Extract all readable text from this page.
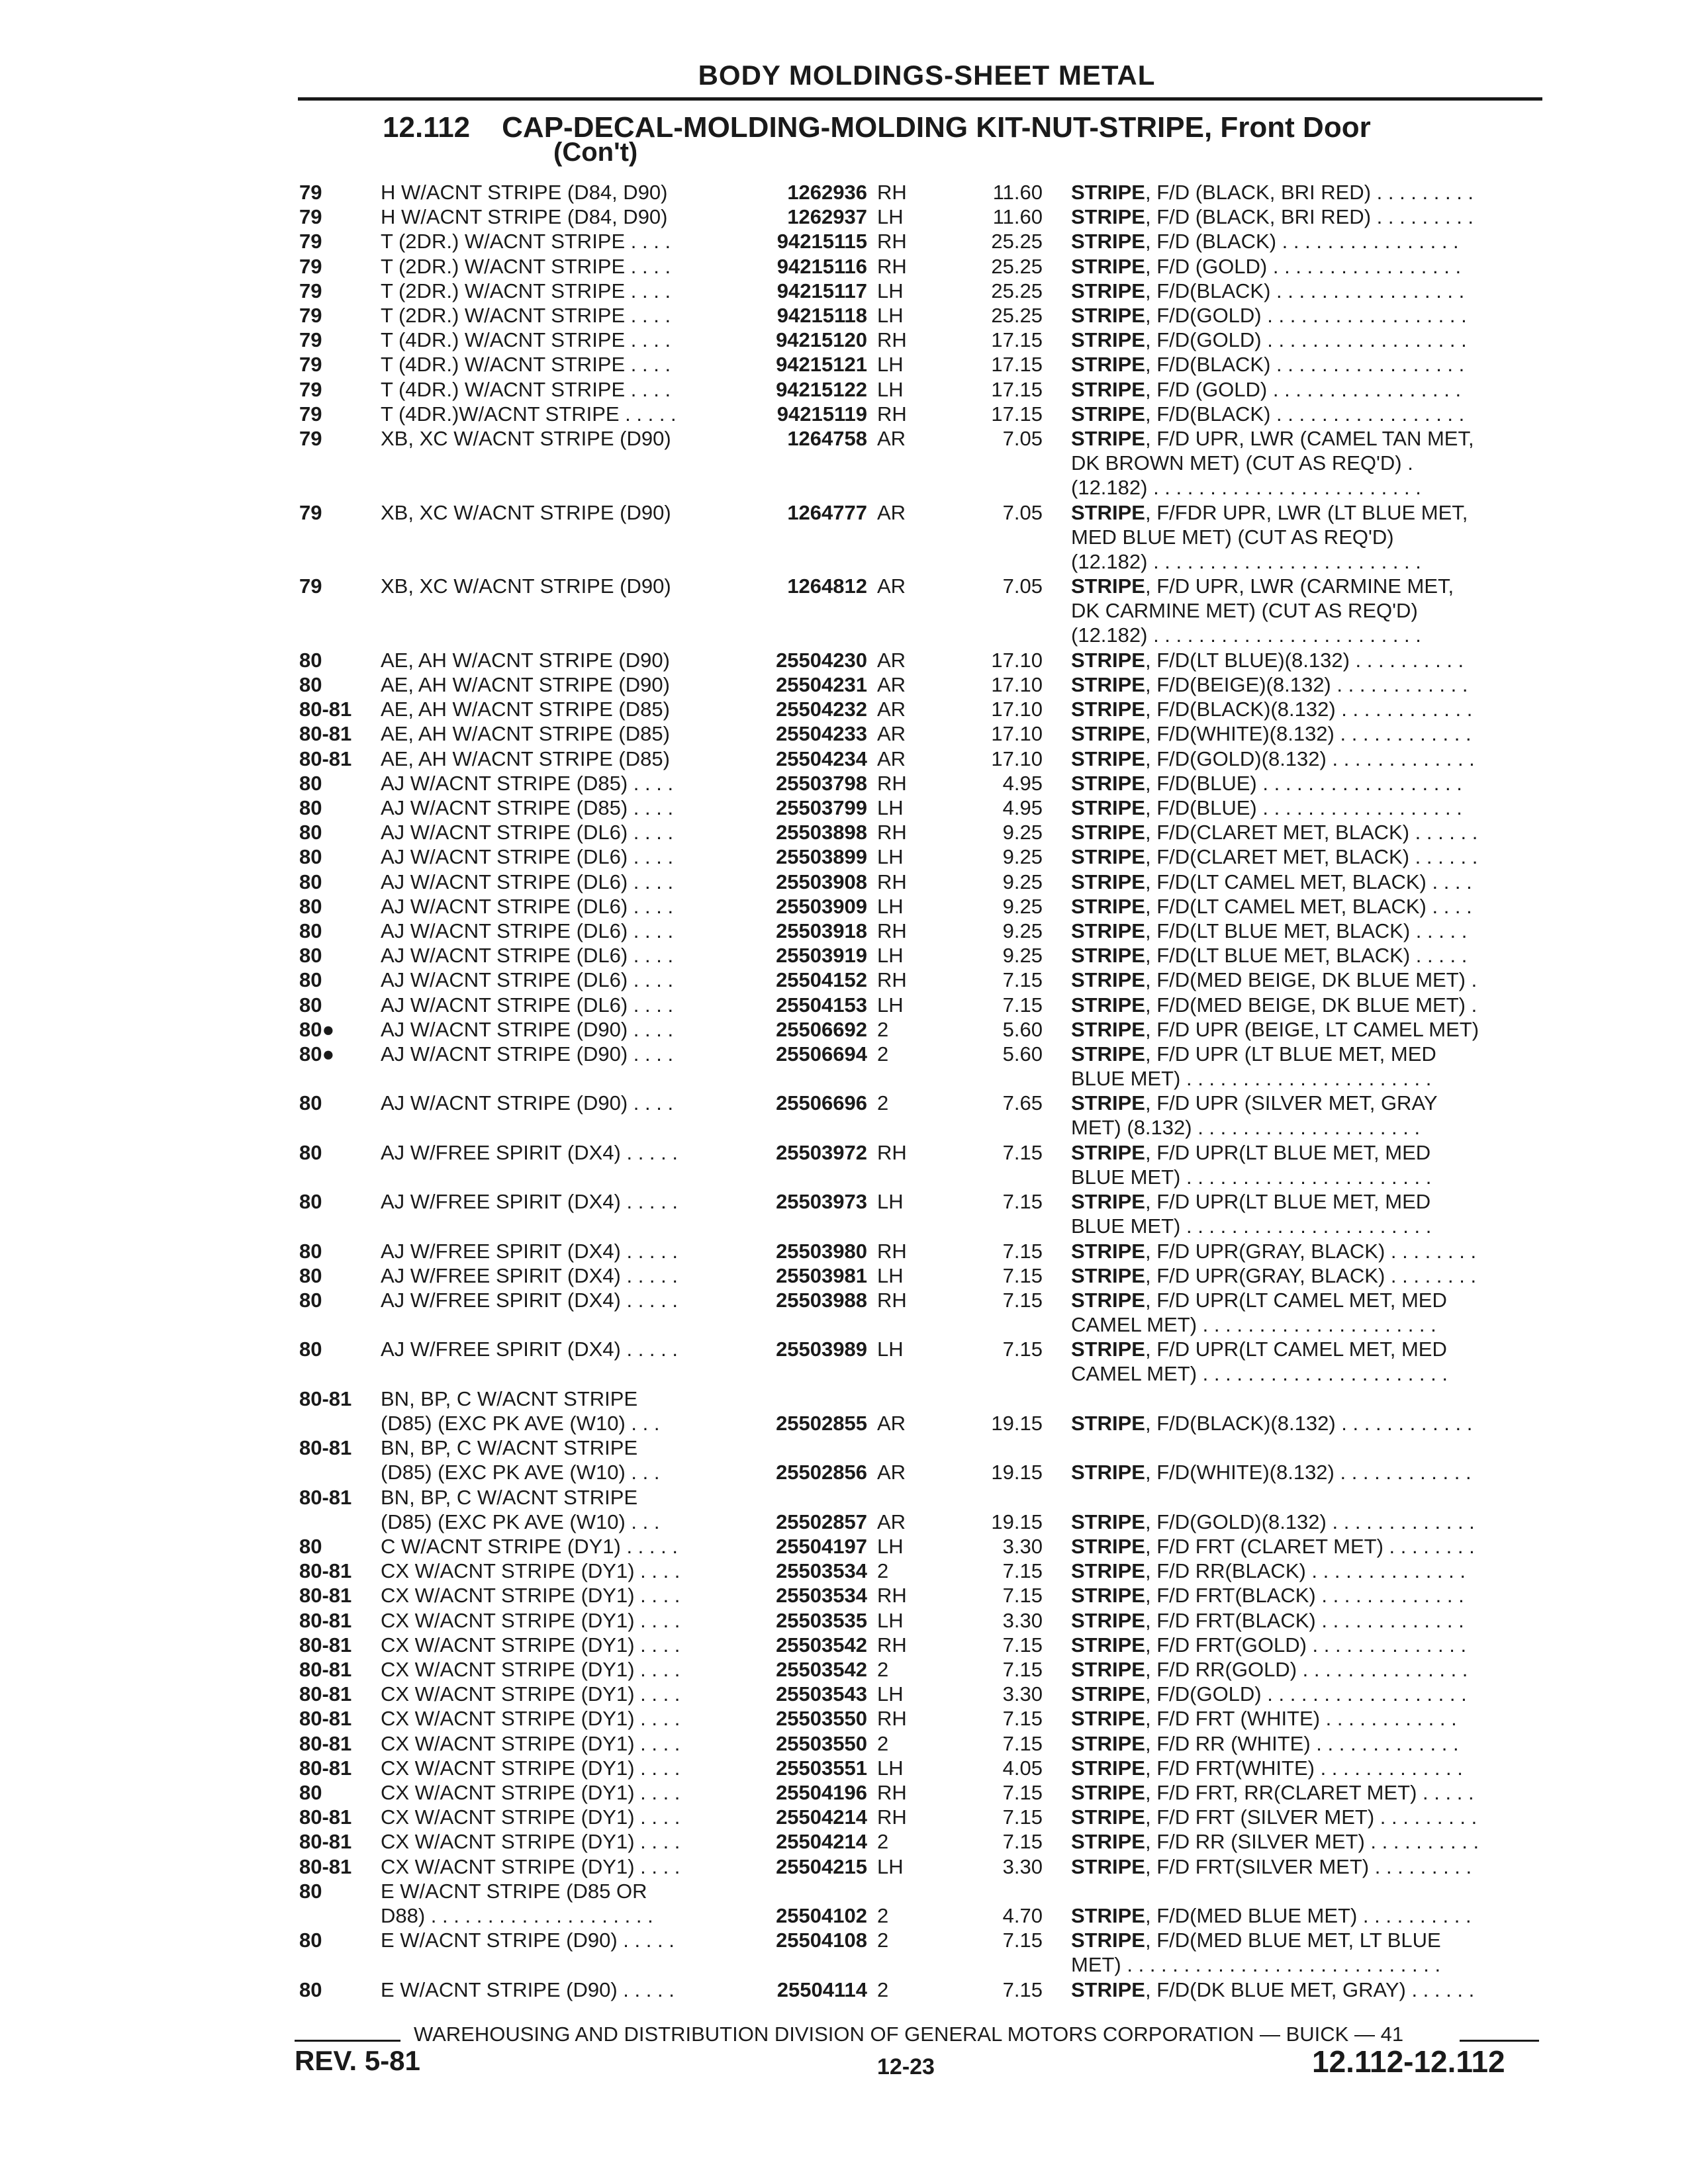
BODY MOLDINGS-SHEET METAL
12.112 CAP-DECAL-MOLDING-MOLDING KIT-NUT-STRIPE, Front Door
(Con't)
79	H W/ACNT STRIPE (D84, D90)	1262936 RH	11.60 STRIPE, F/D (BLACK, BRI RED) . . . . . . . . .
79	H W/ACNT STRIPE (D84, D90)	1262937 LH	11.60 STRIPE, F/D (BLACK, BRI RED) . . . . . . . . .
79	T (2DR.) W/ACNT STRIPE . . . .	94215115 RH	25.25 STRIPE, F/D (BLACK) . . . . . . . . . . . . . . . .
79	T (2DR.) W/ACNT STRIPE . . . .	94215116 RH	25.25 STRIPE, F/D (GOLD) . . . . . . . . . . . . . . . . .
79	T (2DR.) W/ACNT STRIPE . . . .	94215117 LH	25.25 STRIPE, F/D(BLACK) . . . . . . . . . . . . . . . . .
79	T (2DR.) W/ACNT STRIPE . . . .	94215118 LH	25.25 STRIPE, F/D(GOLD) . . . . . . . . . . . . . . . . . .
79	T (4DR.) W/ACNT STRIPE . . . .	94215120 RH	17.15 STRIPE, F/D(GOLD) . . . . . . . . . . . . . . . . . .
79	T (4DR.) W/ACNT STRIPE . . . .	94215121 LH	17.15 STRIPE, F/D(BLACK) . . . . . . . . . . . . . . . . .
79	T (4DR.) W/ACNT STRIPE . . . .	94215122 LH	17.15 STRIPE, F/D (GOLD) . . . . . . . . . . . . . . . . .
79	T (4DR.)W/ACNT STRIPE . . . . .	94215119 RH	17.15 STRIPE, F/D(BLACK) . . . . . . . . . . . . . . . . .
79	XB, XC W/ACNT STRIPE (D90)	1264758 AR	7.05 STRIPE, F/D UPR, LWR (CAMEL TAN MET,
DK BROWN MET) (CUT AS REQ'D) .
(12.182) . . . . . . . . . . . . . . . . . . . . . . . .
79	XB, XC W/ACNT STRIPE (D90)	1264777 AR	7.05 STRIPE, F/FDR UPR, LWR (LT BLUE MET,
MED BLUE MET) (CUT AS REQ'D)
(12.182) . . . . . . . . . . . . . . . . . . . . . . . .
79	XB, XC W/ACNT STRIPE (D90)	1264812 AR	7.05 STRIPE, F/D UPR, LWR (CARMINE MET,
DK CARMINE MET) (CUT AS REQ'D)
(12.182) . . . . . . . . . . . . . . . . . . . . . . . .
80	AE, AH W/ACNT STRIPE (D90)	25504230 AR	17.10 STRIPE, F/D(LT BLUE)(8.132) . . . . . . . . . .
80	AE, AH W/ACNT STRIPE (D90)	25504231 AR	17.10 STRIPE, F/D(BEIGE)(8.132) . . . . . . . . . . . .
80-81 AE, AH W/ACNT STRIPE (D85)	25504232 AR	17.10 STRIPE, F/D(BLACK)(8.132) . . . . . . . . . . . .
80-81 AE, AH W/ACNT STRIPE (D85)	25504233 AR	17.10 STRIPE, F/D(WHITE)(8.132) . . . . . . . . . . . .
80-81 AE, AH W/ACNT STRIPE (D85)	25504234 AR	17.10 STRIPE, F/D(GOLD)(8.132) . . . . . . . . . . . . .
80	AJ W/ACNT STRIPE (D85) . . . .	25503798 RH	4.95 STRIPE, F/D(BLUE) . . . . . . . . . . . . . . . . . .
80	AJ W/ACNT STRIPE (D85) . . . .	25503799 LH	4.95 STRIPE, F/D(BLUE) . . . . . . . . . . . . . . . . . .
80	AJ W/ACNT STRIPE (DL6) . . . .	25503898 RH	9.25 STRIPE, F/D(CLARET MET, BLACK) . . . . . .
80	AJ W/ACNT STRIPE (DL6) . . . .	25503899 LH	9.25 STRIPE, F/D(CLARET MET, BLACK) . . . . . .
80	AJ W/ACNT STRIPE (DL6) . . . .	25503908 RH	9.25 STRIPE, F/D(LT CAMEL MET, BLACK) . . . .
80	AJ W/ACNT STRIPE (DL6) . . . .	25503909 LH	9.25 STRIPE, F/D(LT CAMEL MET, BLACK) . . . .
80	AJ W/ACNT STRIPE (DL6) . . . .	25503918 RH	9.25 STRIPE, F/D(LT BLUE MET, BLACK) . . . . .
80	AJ W/ACNT STRIPE (DL6) . . . .	25503919 LH	9.25 STRIPE, F/D(LT BLUE MET, BLACK) . . . . .
80	AJ W/ACNT STRIPE (DL6) . . . .	25504152 RH	7.15 STRIPE, F/D(MED BEIGE, DK BLUE MET) .
80	AJ W/ACNT STRIPE (DL6) . . . .	25504153 LH	7.15 STRIPE, F/D(MED BEIGE, DK BLUE MET) .
80● AJ W/ACNT STRIPE (D90) . . . .	25506692 2	5.60 STRIPE, F/D UPR (BEIGE, LT CAMEL MET)
80● AJ W/ACNT STRIPE (D90) . . . .	25506694 2	5.60 STRIPE, F/D UPR (LT BLUE MET, MED
BLUE MET) . . . . . . . . . . . . . . . . . . . . . .
80	AJ W/ACNT STRIPE (D90) . . . .	25506696 2	7.65 STRIPE, F/D UPR (SILVER MET, GRAY
MET) (8.132) . . . . . . . . . . . . . . . . . . . .
80	AJ W/FREE SPIRIT (DX4) . . . . .	25503972 RH	7.15 STRIPE, F/D UPR(LT BLUE MET, MED
BLUE MET) . . . . . . . . . . . . . . . . . . . . . .
80	AJ W/FREE SPIRIT (DX4) . . . . .	25503973 LH	7.15 STRIPE, F/D UPR(LT BLUE MET, MED
BLUE MET) . . . . . . . . . . . . . . . . . . . . . .
80	AJ W/FREE SPIRIT (DX4) . . . . .	25503980 RH	7.15 STRIPE, F/D UPR(GRAY, BLACK) . . . . . . . .
80	AJ W/FREE SPIRIT (DX4) . . . . .	25503981 LH	7.15 STRIPE, F/D UPR(GRAY, BLACK) . . . . . . . .
80	AJ W/FREE SPIRIT (DX4) . . . . .	25503988 RH	7.15 STRIPE, F/D UPR(LT CAMEL MET, MED
CAMEL MET) . . . . . . . . . . . . . . . . . . . . .
80	AJ W/FREE SPIRIT (DX4) . . . . .	25503989 LH	7.15 STRIPE, F/D UPR(LT CAMEL MET, MED
CAMEL MET) . . . . . . . . . . . . . . . . . . . . . .
80-81 BN, BP, C W/ACNT STRIPE
(D85) (EXC PK AVE (W10) . . .	25502855 AR	19.15 STRIPE, F/D(BLACK)(8.132) . . . . . . . . . . . .
80-81 BN, BP, C W/ACNT STRIPE
(D85) (EXC PK AVE (W10) . . .	25502856 AR	19.15 STRIPE, F/D(WHITE)(8.132) . . . . . . . . . . . .
80-81 BN, BP, C W/ACNT STRIPE
(D85) (EXC PK AVE (W10) . . .	25502857 AR	19.15 STRIPE, F/D(GOLD)(8.132) . . . . . . . . . . . . .
80	C W/ACNT STRIPE (DY1) . . . . .	25504197 LH	3.30 STRIPE, F/D FRT (CLARET MET) . . . . . . . .
80-81 CX W/ACNT STRIPE (DY1) . . . .	25503534 2	7.15 STRIPE, F/D RR(BLACK) . . . . . . . . . . . . . .
80-81 CX W/ACNT STRIPE (DY1) . . . .	25503534 RH	7.15 STRIPE, F/D FRT(BLACK) . . . . . . . . . . . . .
80-81 CX W/ACNT STRIPE (DY1) . . . .	25503535 LH	3.30 STRIPE, F/D FRT(BLACK) . . . . . . . . . . . . .
80-81 CX W/ACNT STRIPE (DY1) . . . .	25503542 RH	7.15 STRIPE, F/D FRT(GOLD) . . . . . . . . . . . . . .
80-81 CX W/ACNT STRIPE (DY1) . . . .	25503542 2	7.15 STRIPE, F/D RR(GOLD) . . . . . . . . . . . . . . .
80-81 CX W/ACNT STRIPE (DY1) . . . .	25503543 LH	3.30 STRIPE, F/D(GOLD) . . . . . . . . . . . . . . . . . .
80-81 CX W/ACNT STRIPE (DY1) . . . .	25503550 RH	7.15 STRIPE, F/D FRT (WHITE) . . . . . . . . . . . .
80-81 CX W/ACNT STRIPE (DY1) . . . .	25503550 2	7.15 STRIPE, F/D RR (WHITE) . . . . . . . . . . . . .
80-81 CX W/ACNT STRIPE (DY1) . . . .	25503551 LH	4.05 STRIPE, F/D FRT(WHITE) . . . . . . . . . . . . .
80	CX W/ACNT STRIPE (DY1) . . . .	25504196 RH	7.15 STRIPE, F/D FRT, RR(CLARET MET) . . . . .
80-81 CX W/ACNT STRIPE (DY1) . . . .	25504214 RH	7.15 STRIPE, F/D FRT (SILVER MET) . . . . . . . . .
80-81 CX W/ACNT STRIPE (DY1) . . . .	25504214 2	7.15 STRIPE, F/D RR (SILVER MET) . . . . . . . . . .
80-81 CX W/ACNT STRIPE (DY1) . . . .	25504215 LH	3.30 STRIPE, F/D FRT(SILVER MET) . . . . . . . . .
80	E W/ACNT STRIPE (D85 OR
D88) . . . . . . . . . . . . . . . . . . . .	25504102 2	4.70 STRIPE, F/D(MED BLUE MET) . . . . . . . . . .
80	E W/ACNT STRIPE (D90) . . . . .	25504108 2	7.15 STRIPE, F/D(MED BLUE MET, LT BLUE
MET) . . . . . . . . . . . . . . . . . . . . . . . . . . . .
80	E W/ACNT STRIPE (D90) . . . . .	25504114 2	7.15 STRIPE, F/D(DK BLUE MET, GRAY) . . . . . .
WAREHOUSING AND DISTRIBUTION DIVISION OF GENERAL MOTORS CORPORATION — BUICK — 41
REV. 5-81	12-23	12.112-12.112
